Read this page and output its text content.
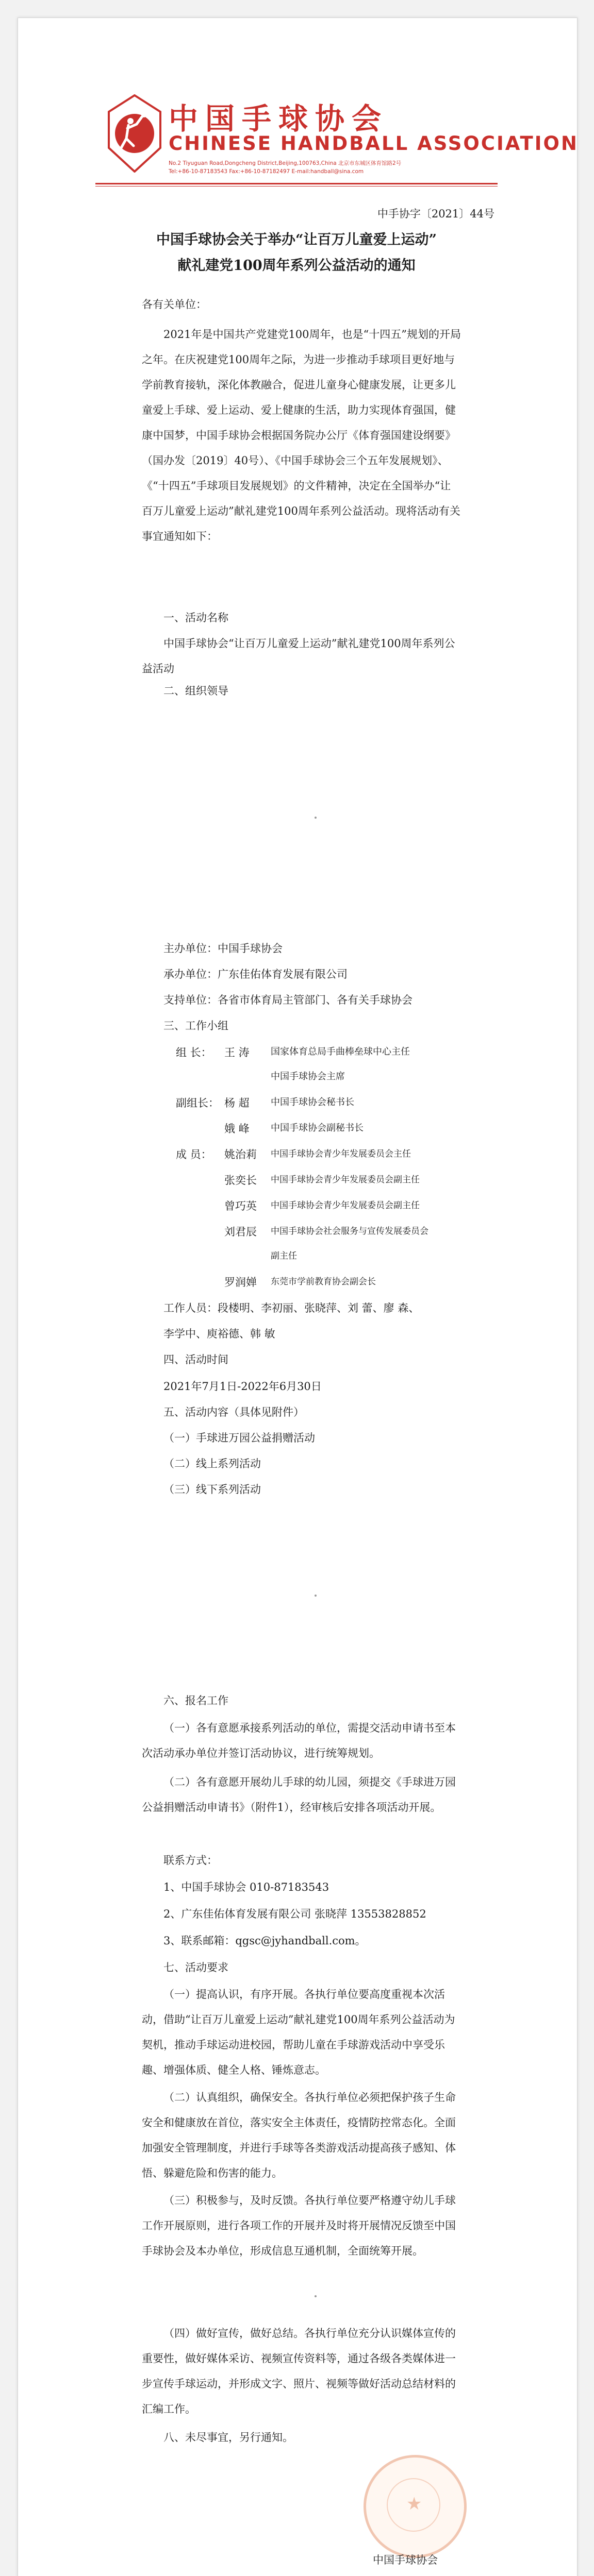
中国手球协会
CHINESE HANDBALL ASSOCIATION
No.2 Tiyuguan Road,Dongcheng District,Beijing,100763,China 北京市东城区体育馆路2号
Tel:+86-10-87183543 Fax:+86-10-87182497 E-mail:handball@sina.com
中手协字〔2021〕44号
中国手球协会关于举办“让百万儿童爱上运动”
献礼建党100周年系列公益活动的通知
各有关单位：
2021年是中国共产党建党100周年，也是“十四五”规划的开局之年。在庆祝建党100周年之际，为进一步推动手球项目更好地与学前教育接轨，深化体教融合，促进儿童身心健康发展，让更多儿童爱上手球、爱上运动、爱上健康的生活，助力实现体育强国，健康中国梦，中国手球协会根据国务院办公厅《体育强国建设纲要》（国办发〔2019〕40号）、《中国手球协会三个五年发展规划》、《“十四五”手球项目发展规划》的文件精神，决定在全国举办“让百万儿童爱上运动”献礼建党100周年系列公益活动。现将活动有关事宜通知如下：
一、活动名称
中国手球协会“让百万儿童爱上运动”献礼建党100周年系列公益活动
二、组织领导
主办单位：中国手球协会
承办单位：广东佳佑体育发展有限公司
支持单位：各省市体育局主管部门、各有关手球协会
三、工作小组
组 长： 王 涛 国家体育总局手曲棒垒球中心主任
中国手球协会主席
副组长： 杨 超 中国手球协会秘书长
娥 峰 中国手球协会副秘书长
成 员： 姚治莉 中国手球协会青少年发展委员会主任
张奕长 中国手球协会青少年发展委员会副主任
曾巧英 中国手球协会青少年发展委员会副主任
刘君辰 中国手球协会社会服务与宣传发展委员会
副主任
罗润婵 东莞市学前教育协会副会长
工作人员：段楼明、李初丽、张晓萍、刘 蕾、廖 森、
李学中、庾裕德、韩 敏
四、活动时间
2021年7月1日-2022年6月30日
五、活动内容（具体见附件）
（一）手球进万园公益捐赠活动
（二）线上系列活动
（三）线下系列活动
六、报名工作
（一）各有意愿承接系列活动的单位，需提交活动申请书至本次活动承办单位并签订活动协议，进行统筹规划。
（二）各有意愿开展幼儿手球的幼儿园，须提交《手球进万园公益捐赠活动申请书》（附件1），经审核后安排各项活动开展。
联系方式：
1、中国手球协会 010-87183543
2、广东佳佑体育发展有限公司 张晓萍 13553828852
3、联系邮箱：qgsc@jyhandball.com。
七、活动要求
（一）提高认识，有序开展。各执行单位要高度重视本次活动，借助“让百万儿童爱上运动”献礼建党100周年系列公益活动为契机，推动手球运动进校园，帮助儿童在手球游戏活动中享受乐趣、增强体质、健全人格、锤炼意志。
（二）认真组织，确保安全。各执行单位必须把保护孩子生命安全和健康放在首位，落实安全主体责任，疫情防控常态化。全面加强安全管理制度，并进行手球等各类游戏活动提高孩子感知、体悟、躲避危险和伤害的能力。
（三）积极参与，及时反馈。各执行单位要严格遵守幼儿手球工作开展原则，进行各项工作的开展并及时将开展情况反馈至中国手球协会及本办单位，形成信息互通机制，全面统筹开展。
（四）做好宣传，做好总结。各执行单位充分认识媒体宣传的重要性，做好媒体采访、视频宣传资料等，通过各级各类媒体进一步宣传手球运动，并形成文字、照片、视频等做好活动总结材料的汇编工作。
八、未尽事宜，另行通知。
★
中国手球协会
